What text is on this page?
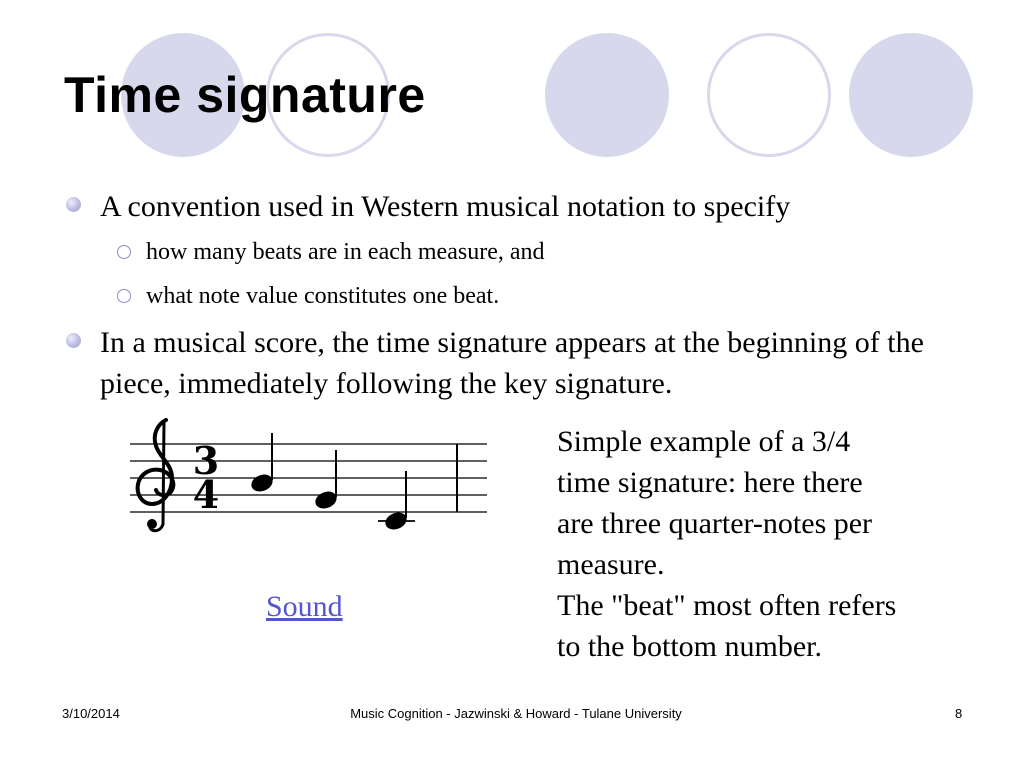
Time signature
A convention used in Western musical notation to specify
how many beats are in each measure, and
what note value constitutes one beat.
In a musical score, the time signature appears at the beginning of the piece, immediately following the key signature.
3
4
Sound
Simple example of a 3/4
time signature: here there
are three quarter-notes per
measure.
The "beat" most often refers
to the bottom number.
3/10/2014	Music Cognition - Jazwinski & Howard - Tulane University	8
